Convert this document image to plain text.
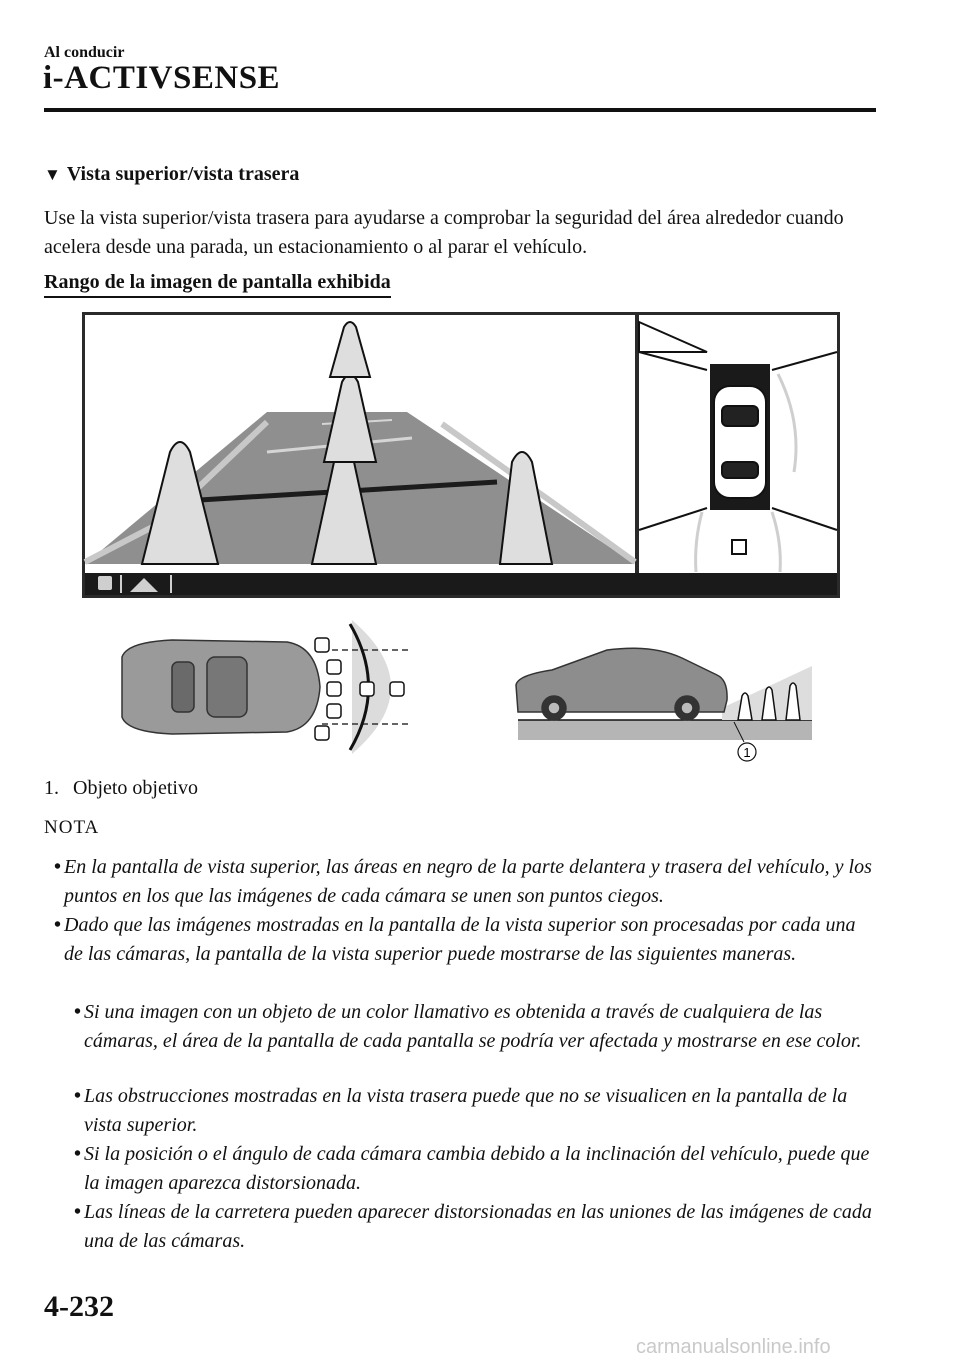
Al conducir
i-ACTIVSENSE
▼ Vista superior/vista trasera
Use la vista superior/vista trasera para ayudarse a comprobar la seguridad del área alrededor cuando acelera desde una parada, un estacionamiento o al parar el vehículo.
Rango de la imagen de pantalla exhibida
1
1. Objeto objetivo
NOTA
• En la pantalla de vista superior, las áreas en negro de la parte delantera y trasera del vehículo, y los puntos en los que las imágenes de cada cámara se unen son puntos ciegos.
• Dado que las imágenes mostradas en la pantalla de la vista superior son procesadas por cada una de las cámaras, la pantalla de la vista superior puede mostrarse de las siguientes maneras.
• Si una imagen con un objeto de un color llamativo es obtenida a través de cualquiera de las cámaras, el área de la pantalla de cada pantalla se podría ver afectada y mostrarse en ese color.
• Las obstrucciones mostradas en la vista trasera puede que no se visualicen en la pantalla de la vista superior.
• Si la posición o el ángulo de cada cámara cambia debido a la inclinación del vehículo, puede que la imagen aparezca distorsionada.
• Las líneas de la carretera pueden aparecer distorsionadas en las uniones de las imágenes de cada una de las cámaras.
4-232
carmanualsonline.info
